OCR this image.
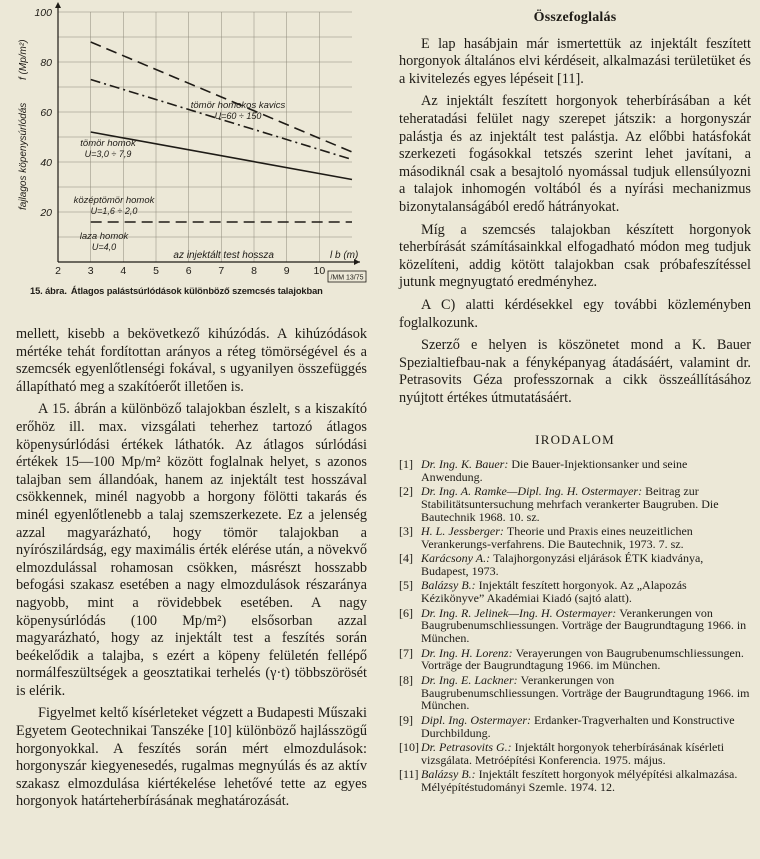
2	3	4	5	6	7	8	9 10
20
40
60
80
100
az injektált test hossza	l b (m)
fajlagos köpenysúrlódás
f (Mp/m²)
tömör homokos kavics
U=60 ÷ 150
tömör homok
U=3,0 ÷ 7,9
középtömör homok
U=1,6 ÷ 2,0
laza homok
U=4,0
/MM 13/75
15. ábra. Átlagos palástsúrlódások különböző szemcsés talajokban

mellett, kisebb a bekövetkező kihúzódás. A kihúzódások mértéke tehát fordítottan arányos a réteg tömörségével és a szemcsék egyenlőtlenségi fokával, s ugyanilyen összefüggés állapítható meg a szakítóerőt illetően is.

A 15. ábrán a különböző talajokban észlelt, s a kiszakító erőhöz ill. max. vizsgálati teherhez tartozó átlagos köpenysúrlódási értékek láthatók. Az átlagos súrlódási értékek 15—100 Mp/m² között foglalnak helyet, s azonos talajban sem állandóak, hanem az injektált test hosszával csökkennek, minél nagyobb a horgony fölötti takarás és minél egyenlőtlenebb a talaj szemszerkezete. Ez a jelenség azzal magyarázható, hogy tömör talajokban a nyírószilárdság, egy maximális érték elérése után, a növekvő elmozdulással rohamosan csökken, másrészt hosszabb befogási szakasz esetében a nagy elmozdulások részaránya nagyobb, mint a rövidebbek esetében. A nagy köpenysúrlódás (100 Mp/m²) elsősorban azzal magyarázható, hogy az injektált test a feszítés során beékelődik a talajba, s ezért a köpeny felületén fellépő normálfeszültségek a geosztatikai terhelés (γ·t) többszörösét is elérik.

Figyelmet keltő kísérleteket végzett a Budapesti Műszaki Egyetem Geotechnikai Tanszéke [10] különböző hajlásszögű horgonyokkal. A feszítés során mért elmozdulások: horgonyszár kiegyenesedés, rugalmas megnyúlás és az aktív szakasz elmozdulása kiértékelése lehetővé tette az egyes horgonyok határteherbírásának meghatározását.

Összefoglalás

E lap hasábjain már ismertettük az injektált feszített horgonyok általános elvi kérdéseit, alkalmazási területüket és a kivitelezés egyes lépéseit [11].

Az injektált feszített horgonyok teherbírásában a két teheratadási felület nagy szerepet játszik: a horgonyszár palástja és az injektált test palástja. Az előbbi hatásfokát szerkezeti fogásokkal tetszés szerint lehet javítani, a másodiknál csak a besajtoló nyomással tudjuk ellensúlyozni a talajok inhomogén voltából és a nyírási mechanizmus bizonytalanságából eredő hátrányokat.

Míg a szemcsés talajokban készített horgonyok teherbírását számításainkkal elfogadható módon meg tudjuk közelíteni, addig kötött talajokban csak próbafeszítéssel jutunk megnyugtató eredményhez.

A C) alatti kérdésekkel egy további közleményben foglalkozunk.

Szerző e helyen is köszönetet mond a K. Bauer Spezialtiefbau-nak a fényképanyag átadásáért, valamint dr. Petrasovits Géza professzornak a cikk összeállításához nyújtott értékes útmutatásáért.

IRODALOM
[1] Dr. Ing. K. Bauer: Die Bauer-Injektionsanker und seine Anwendung.
[2] Dr. Ing. A. Ramke—Dipl. Ing. H. Ostermayer: Beitrag zur Stabilitätsuntersuchung mehrfach verankerter Baugruben. Die Bautechnik 1968. 10. sz.
[3] H. L. Jessberger: Theorie und Praxis eines neuzeitlichen Verankerungs-verfahrens. Die Bautechnik, 1973. 7. sz.
[4] Karácsony A.: Talajhorgonyzási eljárások ÉTK kiadványa, Budapest, 1973.
[5] Balázsy B.: Injektált feszített horgonyok. Az „Alapozás Kézikönyve” Akadémiai Kiadó (sajtó alatt).
[6] Dr. Ing. R. Jelinek—Ing. H. Ostermayer: Verankerungen von Baugrubenumschliessungen. Vorträge der Baugrundtagung 1966. in München.
[7] Dr. Ing. H. Lorenz: Verayerungen von Baugrubenumschliessungen. Vorträge der Baugrundtagung 1966. im München.
[8] Dr. Ing. E. Lackner: Verankerungen von Baugrubenumschliessungen. Vorträge der Baugrundtagung 1966. im München.
[9] Dipl. Ing. Ostermayer: Erdanker-Tragverhalten und Konstructive Durchbildung.
[10] Dr. Petrasovits G.: Injektált horgonyok teherbírásának kísérleti vizsgálata. Metróépítési Konferencia. 1975. május.
[11] Balázsy B.: Injektált feszített horgonyok mélyépítési alkalmazása. Mélyépítéstudományi Szemle. 1974. 12.
